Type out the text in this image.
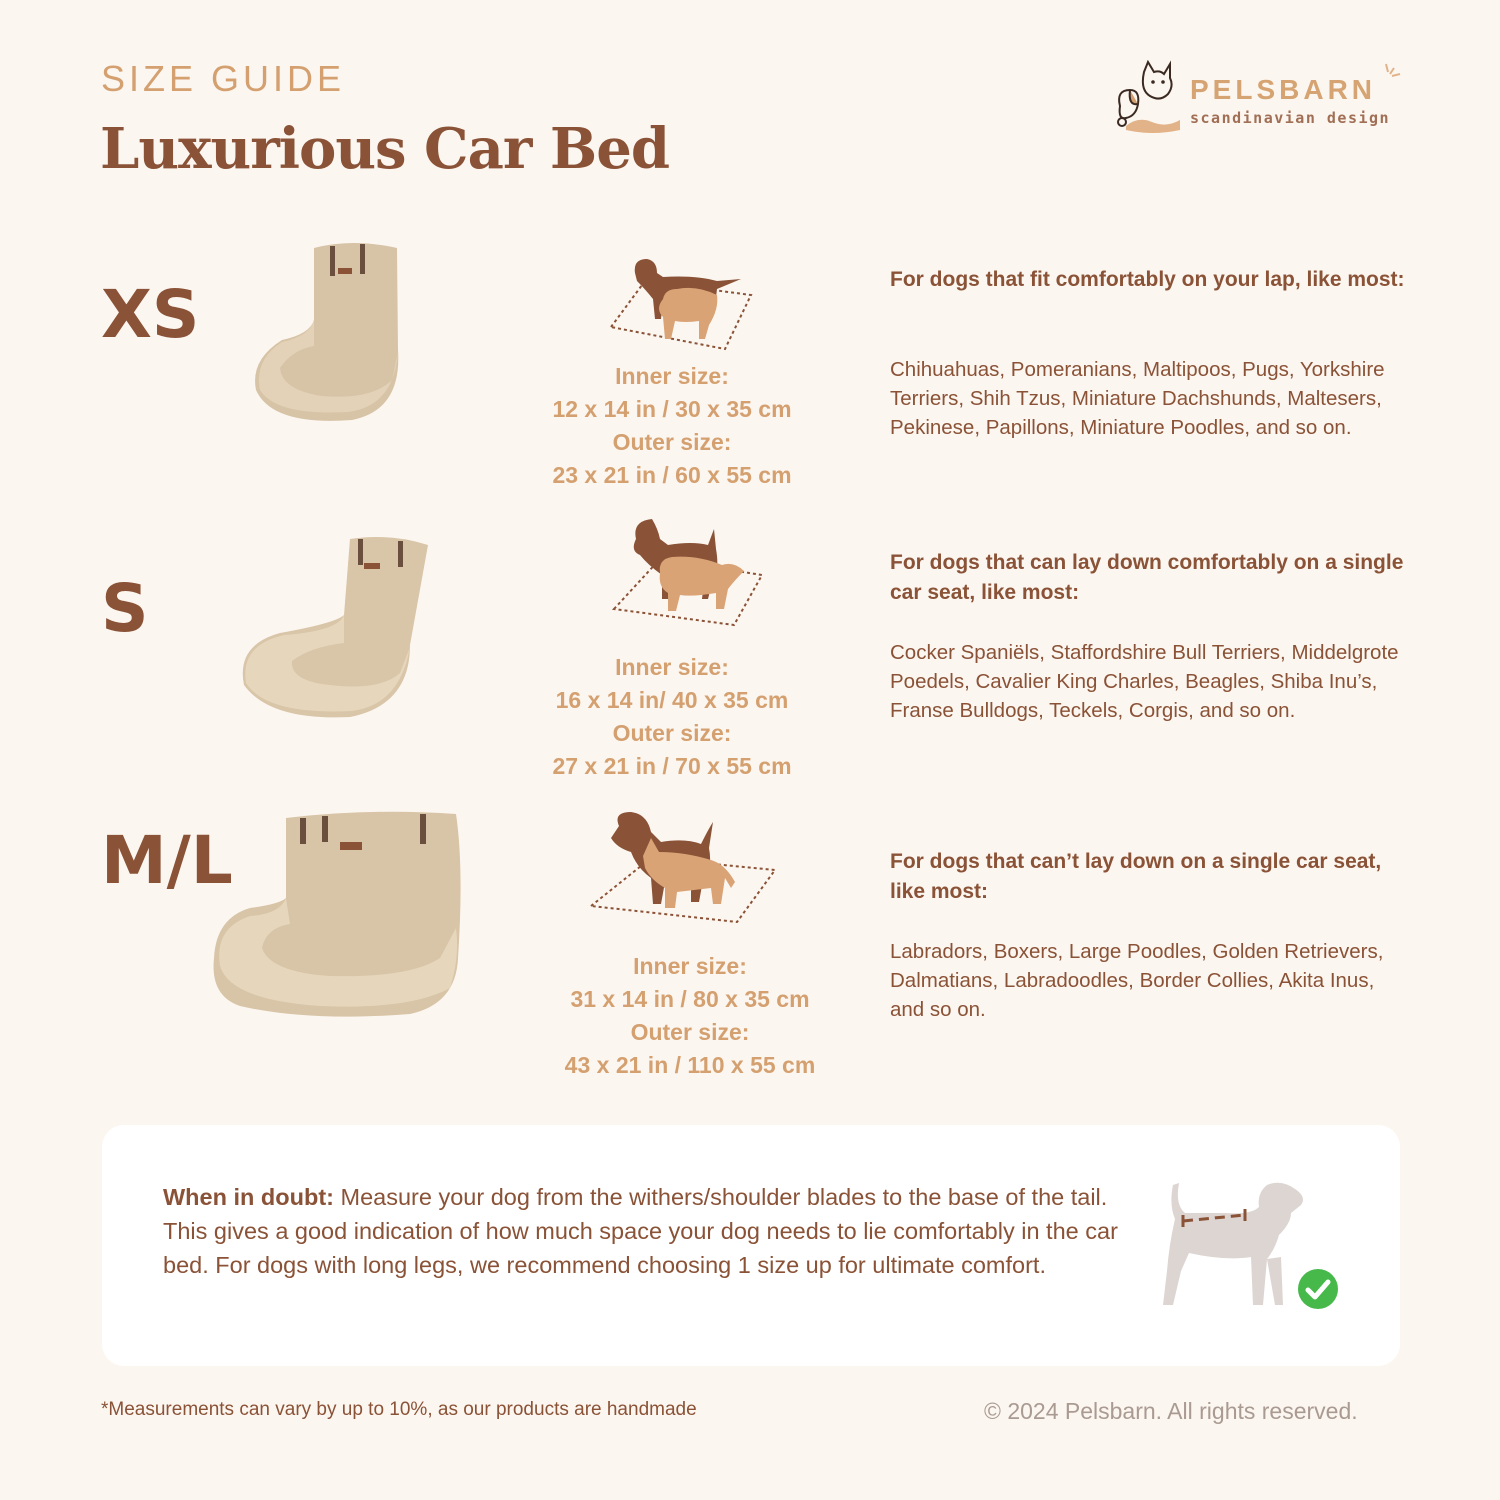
SIZE GUIDE
Luxurious Car Bed
PELSBARN
scandinavian design
XS
Inner size:
12 x 14 in / 30 x 35 cm
Outer size:
23 x 21 in / 60 x 55 cm
For dogs that fit comfortably on your lap, like most:
Chihuahuas, Pomeranians, Maltipoos, Pugs, Yorkshire Terriers, Shih Tzus, Miniature Dachshunds, Maltesers, Pekinese, Papillons, Miniature Poodles, and so on.
S
Inner size:
16 x 14 in/ 40 x 35 cm
Outer size:
27 x 21 in / 70 x 55 cm
For dogs that can lay down comfortably on a single car seat, like most:
Cocker Spaniëls, Staffordshire Bull Terriers, Middelgrote Poedels, Cavalier King Charles, Beagles, Shiba Inu’s, Franse Bulldogs, Teckels, Corgis, and so on.
M/L
Inner size:
31 x 14 in / 80 x 35 cm
Outer size:
43 x 21 in / 110 x 55 cm
For dogs that can’t lay down on a single car seat, like most:
Labradors, Boxers, Large Poodles, Golden Retrievers, Dalmatians, Labradoodles, Border Collies, Akita Inus, and so on.
When in doubt: Measure your dog from the withers/shoulder blades to the base of the tail. This gives a good indication of how much space your dog needs to lie comfortably in the car bed. For dogs with long legs, we recommend choosing 1 size up for ultimate comfort.
*Measurements can vary by up to 10%, as our products are handmade	© 2024 Pelsbarn. All rights reserved.
